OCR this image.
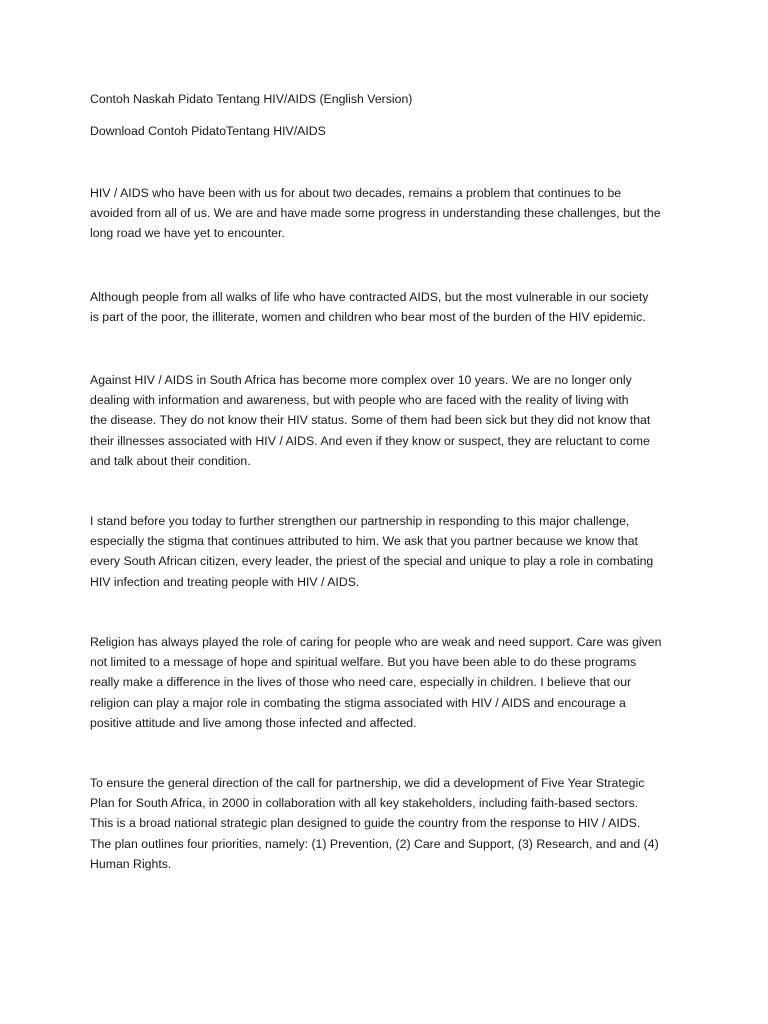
Contoh Naskah Pidato Tentang HIV/AIDS (English Version)
Download Contoh PidatoTentang HIV/AIDS
HIV / AIDS who have been with us for about two decades, remains a problem that continues to be
avoided from all of us. We are and have made some progress in understanding these challenges, but the
long road we have yet to encounter.
Although people from all walks of life who have contracted AIDS, but the most vulnerable in our society
is part of the poor, the illiterate, women and children who bear most of the burden of the HIV epidemic.
Against HIV / AIDS in South Africa has become more complex over 10 years. We are no longer only
dealing with information and awareness, but with people who are faced with the reality of living with
the disease. They do not know their HIV status. Some of them had been sick but they did not know that
their illnesses associated with HIV / AIDS. And even if they know or suspect, they are reluctant to come
and talk about their condition.
I stand before you today to further strengthen our partnership in responding to this major challenge,
especially the stigma that continues attributed to him. We ask that you partner because we know that
every South African citizen, every leader, the priest of the special and unique to play a role in combating
HIV infection and treating people with HIV / AIDS.
Religion has always played the role of caring for people who are weak and need support. Care was given
not limited to a message of hope and spiritual welfare. But you have been able to do these programs
really make a difference in the lives of those who need care, especially in children. I believe that our
religion can play a major role in combating the stigma associated with HIV / AIDS and encourage a
positive attitude and live among those infected and affected.
To ensure the general direction of the call for partnership, we did a development of Five Year Strategic
Plan for South Africa, in 2000 in collaboration with all key stakeholders, including faith-based sectors.
This is a broad national strategic plan designed to guide the country from the response to HIV / AIDS.
The plan outlines four priorities, namely: (1) Prevention, (2) Care and Support, (3) Research, and and (4)
Human Rights.
